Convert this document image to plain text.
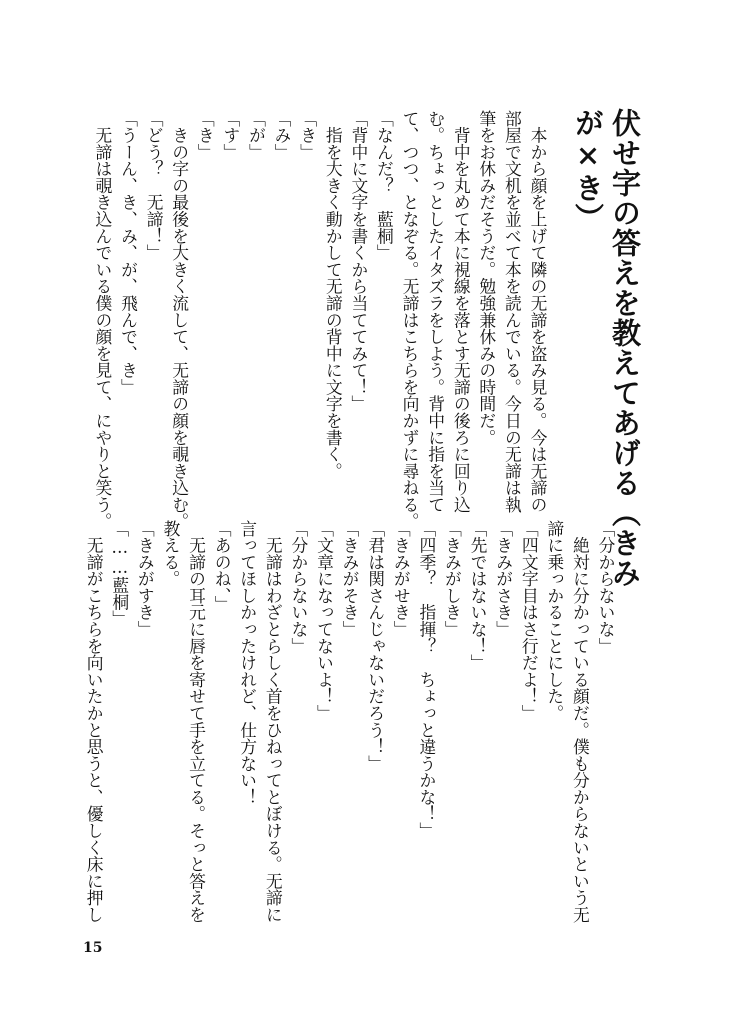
伏せ字の答えを教えてあげる（きみ
が×き）

　本から顔を上げて隣の无諦を盗み見る。今は无諦の
部屋で文机を並べて本を読んでいる。今日の无諦は執
筆をお休みだそうだ。勉強兼休みの時間だ。
　背中を丸めて本に視線を落とす无諦の後ろに回り込
む。ちょっとしたイタズラをしよう。背中に指を当て
て、つつ、となぞる。无諦はこちらを向かずに尋ねる。
「なんだ？　藍桐」
「背中に文字を書くから当ててみて！」
　指を大きく動かして无諦の背中に文字を書く。
「き」
「み」
「が」
「す」
「き」
　きの字の最後を大きく流して、无諦の顔を覗き込む。
「どう？　无諦！」
「うーん、き、み、が、飛んで、き」
　无諦は覗き込んでいる僕の顔を見て、にやりと笑う。

「分からないな」
　絶対に分かっている顔だ。僕も分からないという无
諦に乗っかることにした。
「四文字目はさ行だよ！」
「きみがさき」
「先ではないな！」
「きみがしき」
「四季？　指揮？　ちょっと違うかな！」
「きみがせき」
「君は関さんじゃないだろう！」
「きみがそき」
「文章になってないよ！」
「分からないな」
　无諦はわざとらしく首をひねってとぼける。无諦に
言ってほしかったけれど、仕方ない！
「あのね、」
　无諦の耳元に唇を寄せて手を立てる。そっと答えを
教える。
「きみがすき」
「……藍桐」
　无諦がこちらを向いたかと思うと、優しく床に押し

15
